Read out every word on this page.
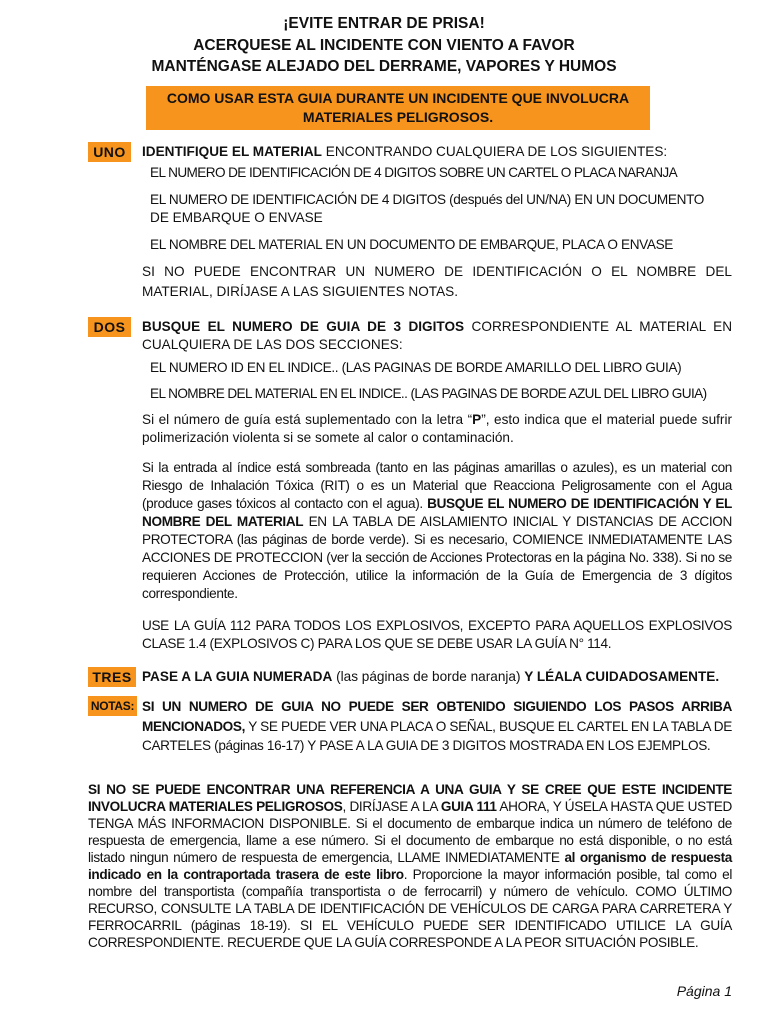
¡EVITE ENTRAR DE PRISA!
ACERQUESE AL INCIDENTE CON VIENTO A FAVOR
MANTÉNGASE ALEJADO DEL DERRAME, VAPORES Y HUMOS
COMO USAR ESTA GUIA DURANTE UN INCIDENTE QUE INVOLUCRA
MATERIALES PELIGROSOS.
UNO	IDENTIFIQUE EL MATERIAL ENCONTRANDO CUALQUIERA DE LOS SIGUIENTES:
EL NUMERO DE IDENTIFICACIÓN DE 4 DIGITOS SOBRE UN CARTEL O PLACA NARANJA
EL NUMERO DE IDENTIFICACIÓN DE 4 DIGITOS (después del UN/NA) EN UN DOCUMENTO
DE EMBARQUE O ENVASE
EL NOMBRE DEL MATERIAL EN UN DOCUMENTO DE EMBARQUE, PLACA O ENVASE
SI NO PUEDE ENCONTRAR UN NUMERO DE IDENTIFICACIÓN O EL NOMBRE DEL MATERIAL, DIRÍJASE A LAS SIGUIENTES NOTAS.
DOS	BUSQUE EL NUMERO DE GUIA DE 3 DIGITOS CORRESPONDIENTE AL MATERIAL EN CUALQUIERA DE LAS DOS SECCIONES:
EL NUMERO ID EN EL INDICE.. (LAS PAGINAS DE BORDE AMARILLO DEL LIBRO GUIA)
EL NOMBRE DEL MATERIAL EN EL INDICE.. (LAS PAGINAS DE BORDE AZUL DEL LIBRO GUIA)
Si el número de guía está suplementado con la letra “P”, esto indica que el material puede sufrir polimerización violenta si se somete al calor o contaminación.
Si la entrada al índice está sombreada (tanto en las páginas amarillas o azules), es un material con Riesgo de Inhalación Tóxica (RIT) o es un Material que Reacciona Peligrosamente con el Agua (produce gases tóxicos al contacto con el agua). BUSQUE EL NUMERO DE IDENTIFICACIÓN Y EL NOMBRE DEL MATERIAL EN LA TABLA DE AISLAMIENTO INICIAL Y DISTANCIAS DE ACCION PROTECTORA (las páginas de borde verde). Si es necesario, COMIENCE INMEDIATAMENTE LAS ACCIONES DE PROTECCION (ver la sección de Acciones Protectoras en la página No. 338). Si no se requieren Acciones de Protección, utilice la información de la Guía de Emergencia de 3 dígitos correspondiente.
USE LA GUÍA 112 PARA TODOS LOS EXPLOSIVOS, EXCEPTO PARA AQUELLOS EXPLOSIVOS CLASE 1.4 (EXPLOSIVOS C) PARA LOS QUE SE DEBE USAR LA GUÍA N° 114.
TRES PASE A LA GUIA NUMERADA (las páginas de borde naranja) Y LÉALA CUIDADOSAMENTE.
NOTAS: SI UN NUMERO DE GUIA NO PUEDE SER OBTENIDO SIGUIENDO LOS PASOS ARRIBA MENCIONADOS, Y SE PUEDE VER UNA PLACA O SEÑAL, BUSQUE EL CARTEL EN LA TABLA DE CARTELES (páginas 16-17) Y PASE A LA GUIA DE 3 DIGITOS MOSTRADA EN LOS EJEMPLOS.
SI NO SE PUEDE ENCONTRAR UNA REFERENCIA A UNA GUIA Y SE CREE QUE ESTE INCIDENTE INVOLUCRA MATERIALES PELIGROSOS, DIRÍJASE A LA GUIA 111 AHORA, Y ÚSELA HASTA QUE USTED TENGA MÁS INFORMACION DISPONIBLE. Si el documento de embarque indica un número de teléfono de respuesta de emergencia, llame a ese número. Si el documento de embarque no está disponible, o no está listado ningun número de respuesta de emergencia, LLAME INMEDIATAMENTE al organismo de respuesta indicado en la contraportada trasera de este libro. Proporcione la mayor información posible, tal como el nombre del transportista (compañía transportista o de ferrocarril) y número de vehículo. COMO ÚLTIMO RECURSO, CONSULTE LA TABLA DE IDENTIFICACIÓN DE VEHÍCULOS DE CARGA PARA CARRETERA Y FERROCARRIL (páginas 18-19). SI EL VEHÍCULO PUEDE SER IDENTIFICADO UTILICE LA GUÍA CORRESPONDIENTE. RECUERDE QUE LA GUÍA CORRESPONDE A LA PEOR SITUACIÓN POSIBLE.
Página 1
